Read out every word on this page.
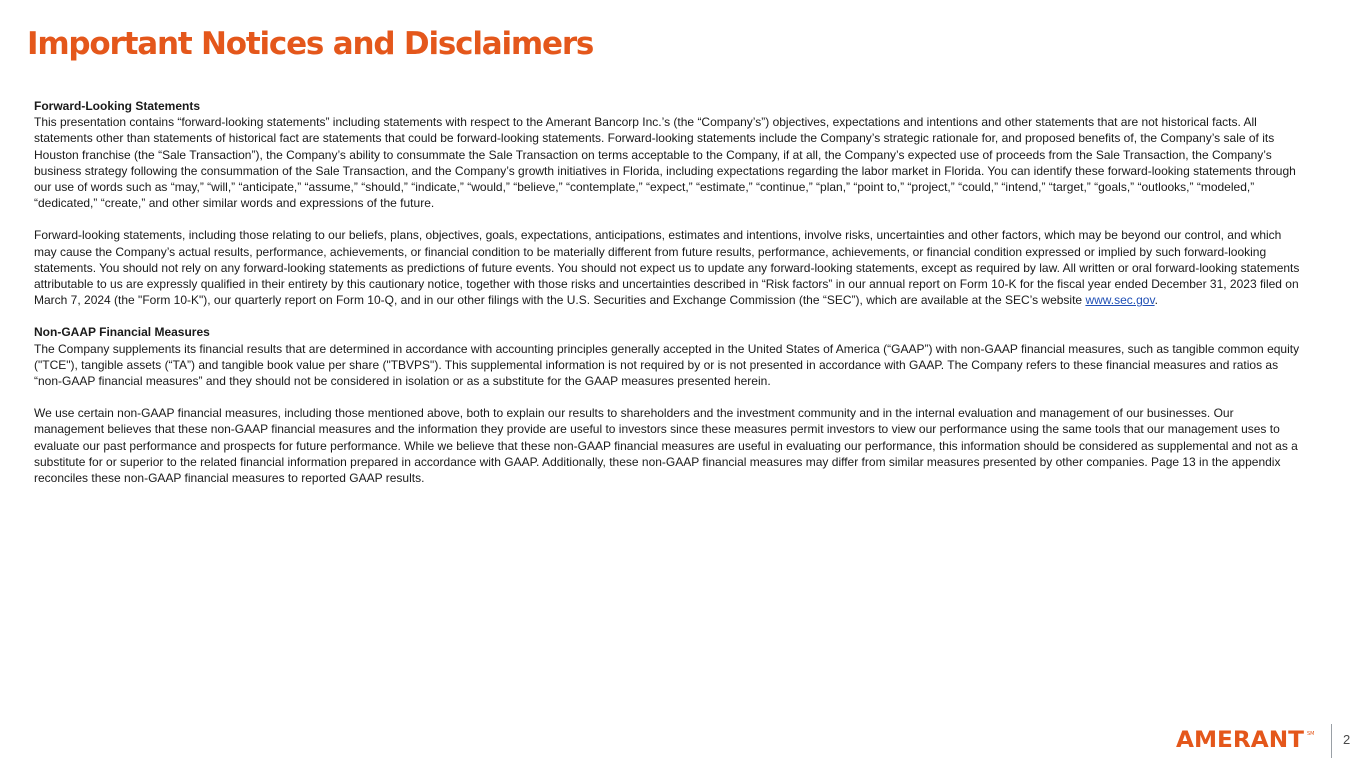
Important Notices and Disclaimers

Forward-Looking Statements

This presentation contains “forward-looking statements” including statements with respect to the Amerant Bancorp Inc.’s (the “Company’s”) objectives, expectations and intentions and other statements that are not historical facts. All statements other than statements of historical fact are statements that could be forward-looking statements. Forward-looking statements include the Company’s strategic rationale for, and proposed benefits of, the Company’s sale of its Houston franchise (the “Sale Transaction”), the Company’s ability to consummate the Sale Transaction on terms acceptable to the Company, if at all, the Company’s expected use of proceeds from the Sale Transaction, the Company’s business strategy following the consummation of the Sale Transaction, and the Company’s growth initiatives in Florida, including expectations regarding the labor market in Florida. You can identify these forward-looking statements through our use of words such as “may,” “will,” “anticipate,” “assume,” “should,” “indicate,” “would,” “believe,” “contemplate,” “expect,” “estimate,” “continue,” “plan,” “point to,” “project,” “could,” “intend,” “target,” “goals,” “outlooks,” “modeled,” “dedicated,” “create,” and other similar words and expressions of the future.

Forward-looking statements, including those relating to our beliefs, plans, objectives, goals, expectations, anticipations, estimates and intentions, involve risks, uncertainties and other factors, which may be beyond our control, and which may cause the Company’s actual results, performance, achievements, or financial condition to be materially different from future results, performance, achievements, or financial condition expressed or implied by such forward-looking statements. You should not rely on any forward-looking statements as predictions of future events. You should not expect us to update any forward-looking statements, except as required by law. All written or oral forward-looking statements attributable to us are expressly qualified in their entirety by this cautionary notice, together with those risks and uncertainties described in “Risk factors” in our annual report on Form 10-K for the fiscal year ended December 31, 2023 filed on March 7, 2024 (the "Form 10-K"), our quarterly report on Form 10-Q, and in our other filings with the U.S. Securities and Exchange Commission (the “SEC”), which are available at the SEC’s website www.sec.gov.

Non-GAAP Financial Measures

The Company supplements its financial results that are determined in accordance with accounting principles generally accepted in the United States of America (“GAAP”) with non-GAAP financial measures, such as tangible common equity ("TCE"), tangible assets (“TA”) and tangible book value per share ("TBVPS"). This supplemental information is not required by or is not presented in accordance with GAAP. The Company refers to these financial measures and ratios as “non-GAAP financial measures” and they should not be considered in isolation or as a substitute for the GAAP measures presented herein.

We use certain non-GAAP financial measures, including those mentioned above, both to explain our results to shareholders and the investment community and in the internal evaluation and management of our businesses. Our management believes that these non-GAAP financial measures and the information they provide are useful to investors since these measures permit investors to view our performance using the same tools that our management uses to evaluate our past performance and prospects for future performance. While we believe that these non-GAAP financial measures are useful in evaluating our performance, this information should be considered as supplemental and not as a substitute for or superior to the related financial information prepared in accordance with GAAP. Additionally, these non-GAAP financial measures may differ from similar measures presented by other companies. Page 13 in the appendix reconciles these non-GAAP financial measures to reported GAAP results.

AMERANT SM 2
